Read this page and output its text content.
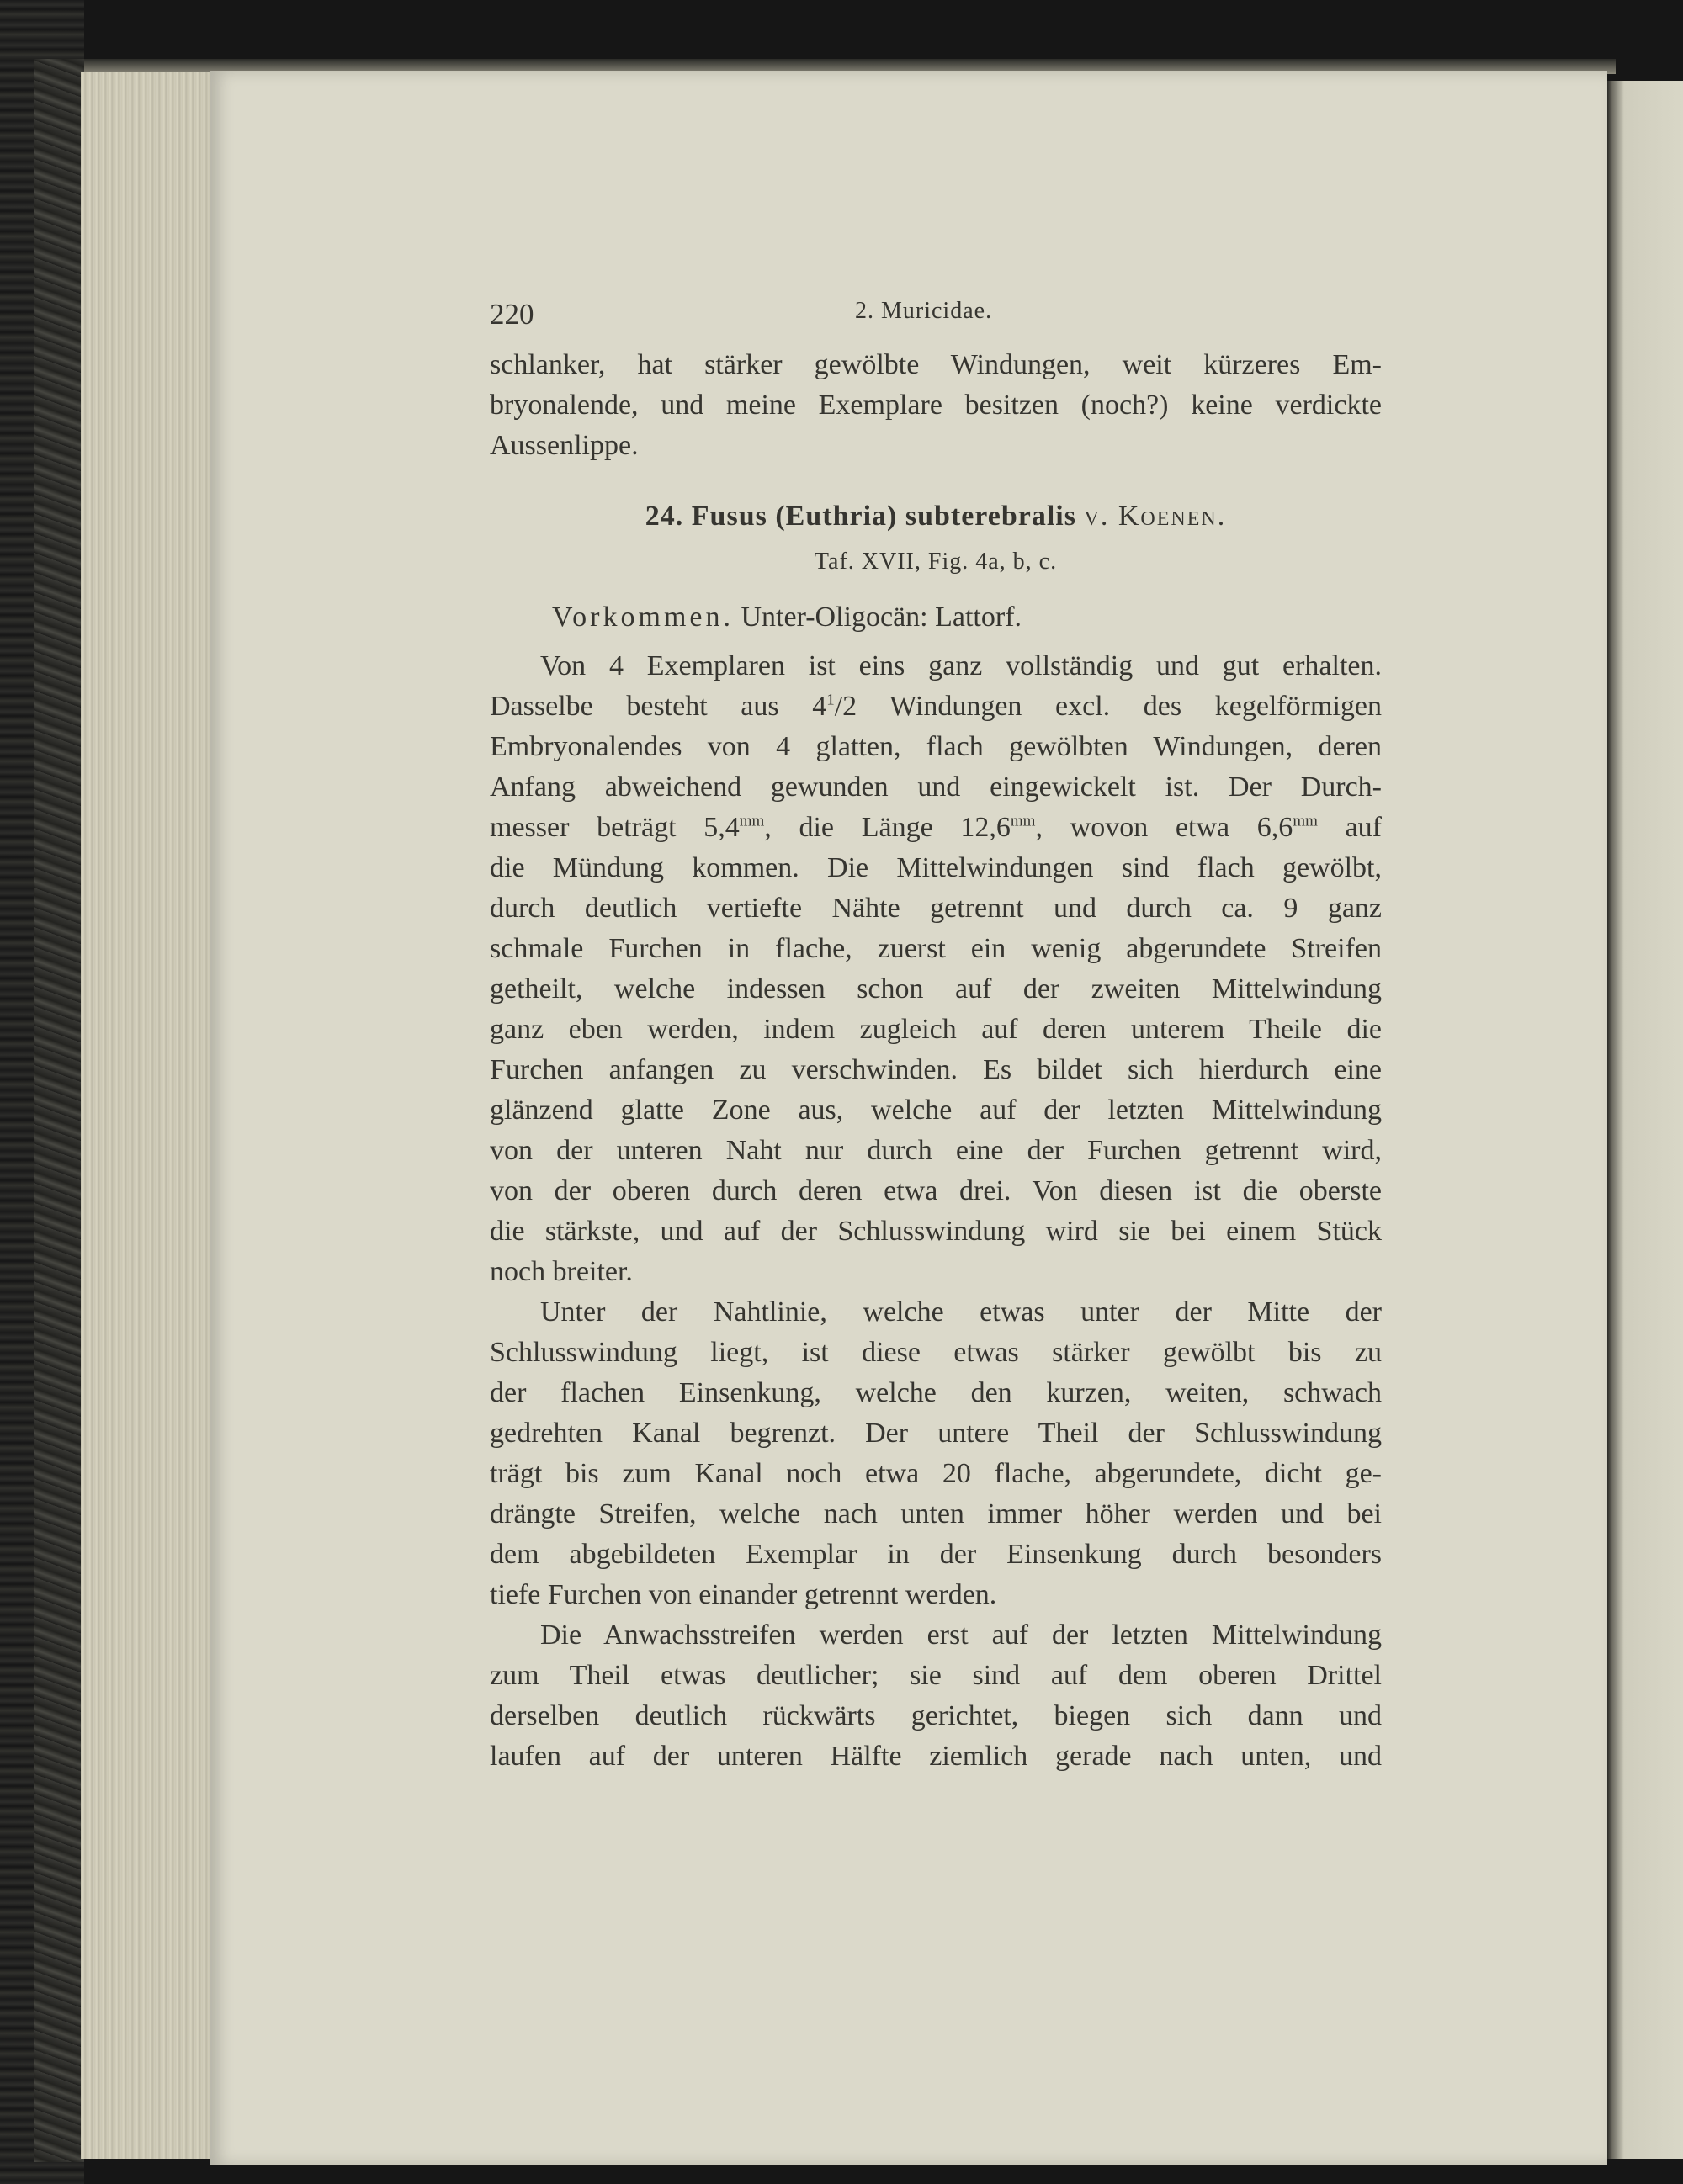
220	2. Muricidae.

schlanker, hat stärker gewölbte Windungen, weit kürzeres Em-
bryonalende, und meine Exemplare besitzen (noch?) keine verdickte
Aussenlippe.

24. Fusus (Euthria) subterebralis v. Koenen.
Taf. XVII, Fig. 4a, b, c.
Vorkommen. Unter-Oligocän: Lattorf.

Von 4 Exemplaren ist eins ganz vollständig und gut erhalten.
Dasselbe besteht aus $4^1/2$ Windungen excl. des kegelförmigen
Embryonalendes von 4 glatten, flach gewölbten Windungen, deren
Anfang abweichend gewunden und eingewickelt ist. Der Durch-
messer beträgt $5,4^{mm}$, die Länge $12,6^{mm}$, wovon etwa $6,6^{mm}$ auf
die Mündung kommen. Die Mittelwindungen sind flach gewölbt,
durch deutlich vertiefte Nähte getrennt und durch ca. 9 ganz
schmale Furchen in flache, zuerst ein wenig abgerundete Streifen
getheilt, welche indessen schon auf der zweiten Mittelwindung
ganz eben werden, indem zugleich auf deren unterem Theile die
Furchen anfangen zu verschwinden. Es bildet sich hierdurch eine
glänzend glatte Zone aus, welche auf der letzten Mittelwindung
von der unteren Naht nur durch eine der Furchen getrennt wird,
von der oberen durch deren etwa drei. Von diesen ist die oberste
die stärkste, und auf der Schlusswindung wird sie bei einem Stück
noch breiter.

Unter der Nahtlinie, welche etwas unter der Mitte der
Schlusswindung liegt, ist diese etwas stärker gewölbt bis zu
der flachen Einsenkung, welche den kurzen, weiten, schwach
gedrehten Kanal begrenzt. Der untere Theil der Schlusswindung
trägt bis zum Kanal noch etwa 20 flache, abgerundete, dicht ge-
drängte Streifen, welche nach unten immer höher werden und bei
dem abgebildeten Exemplar in der Einsenkung durch besonders
tiefe Furchen von einander getrennt werden.

Die Anwachsstreifen werden erst auf der letzten Mittelwindung
zum Theil etwas deutlicher; sie sind auf dem oberen Drittel
derselben deutlich rückwärts gerichtet, biegen sich dann und
laufen auf der unteren Hälfte ziemlich gerade nach unten, und
